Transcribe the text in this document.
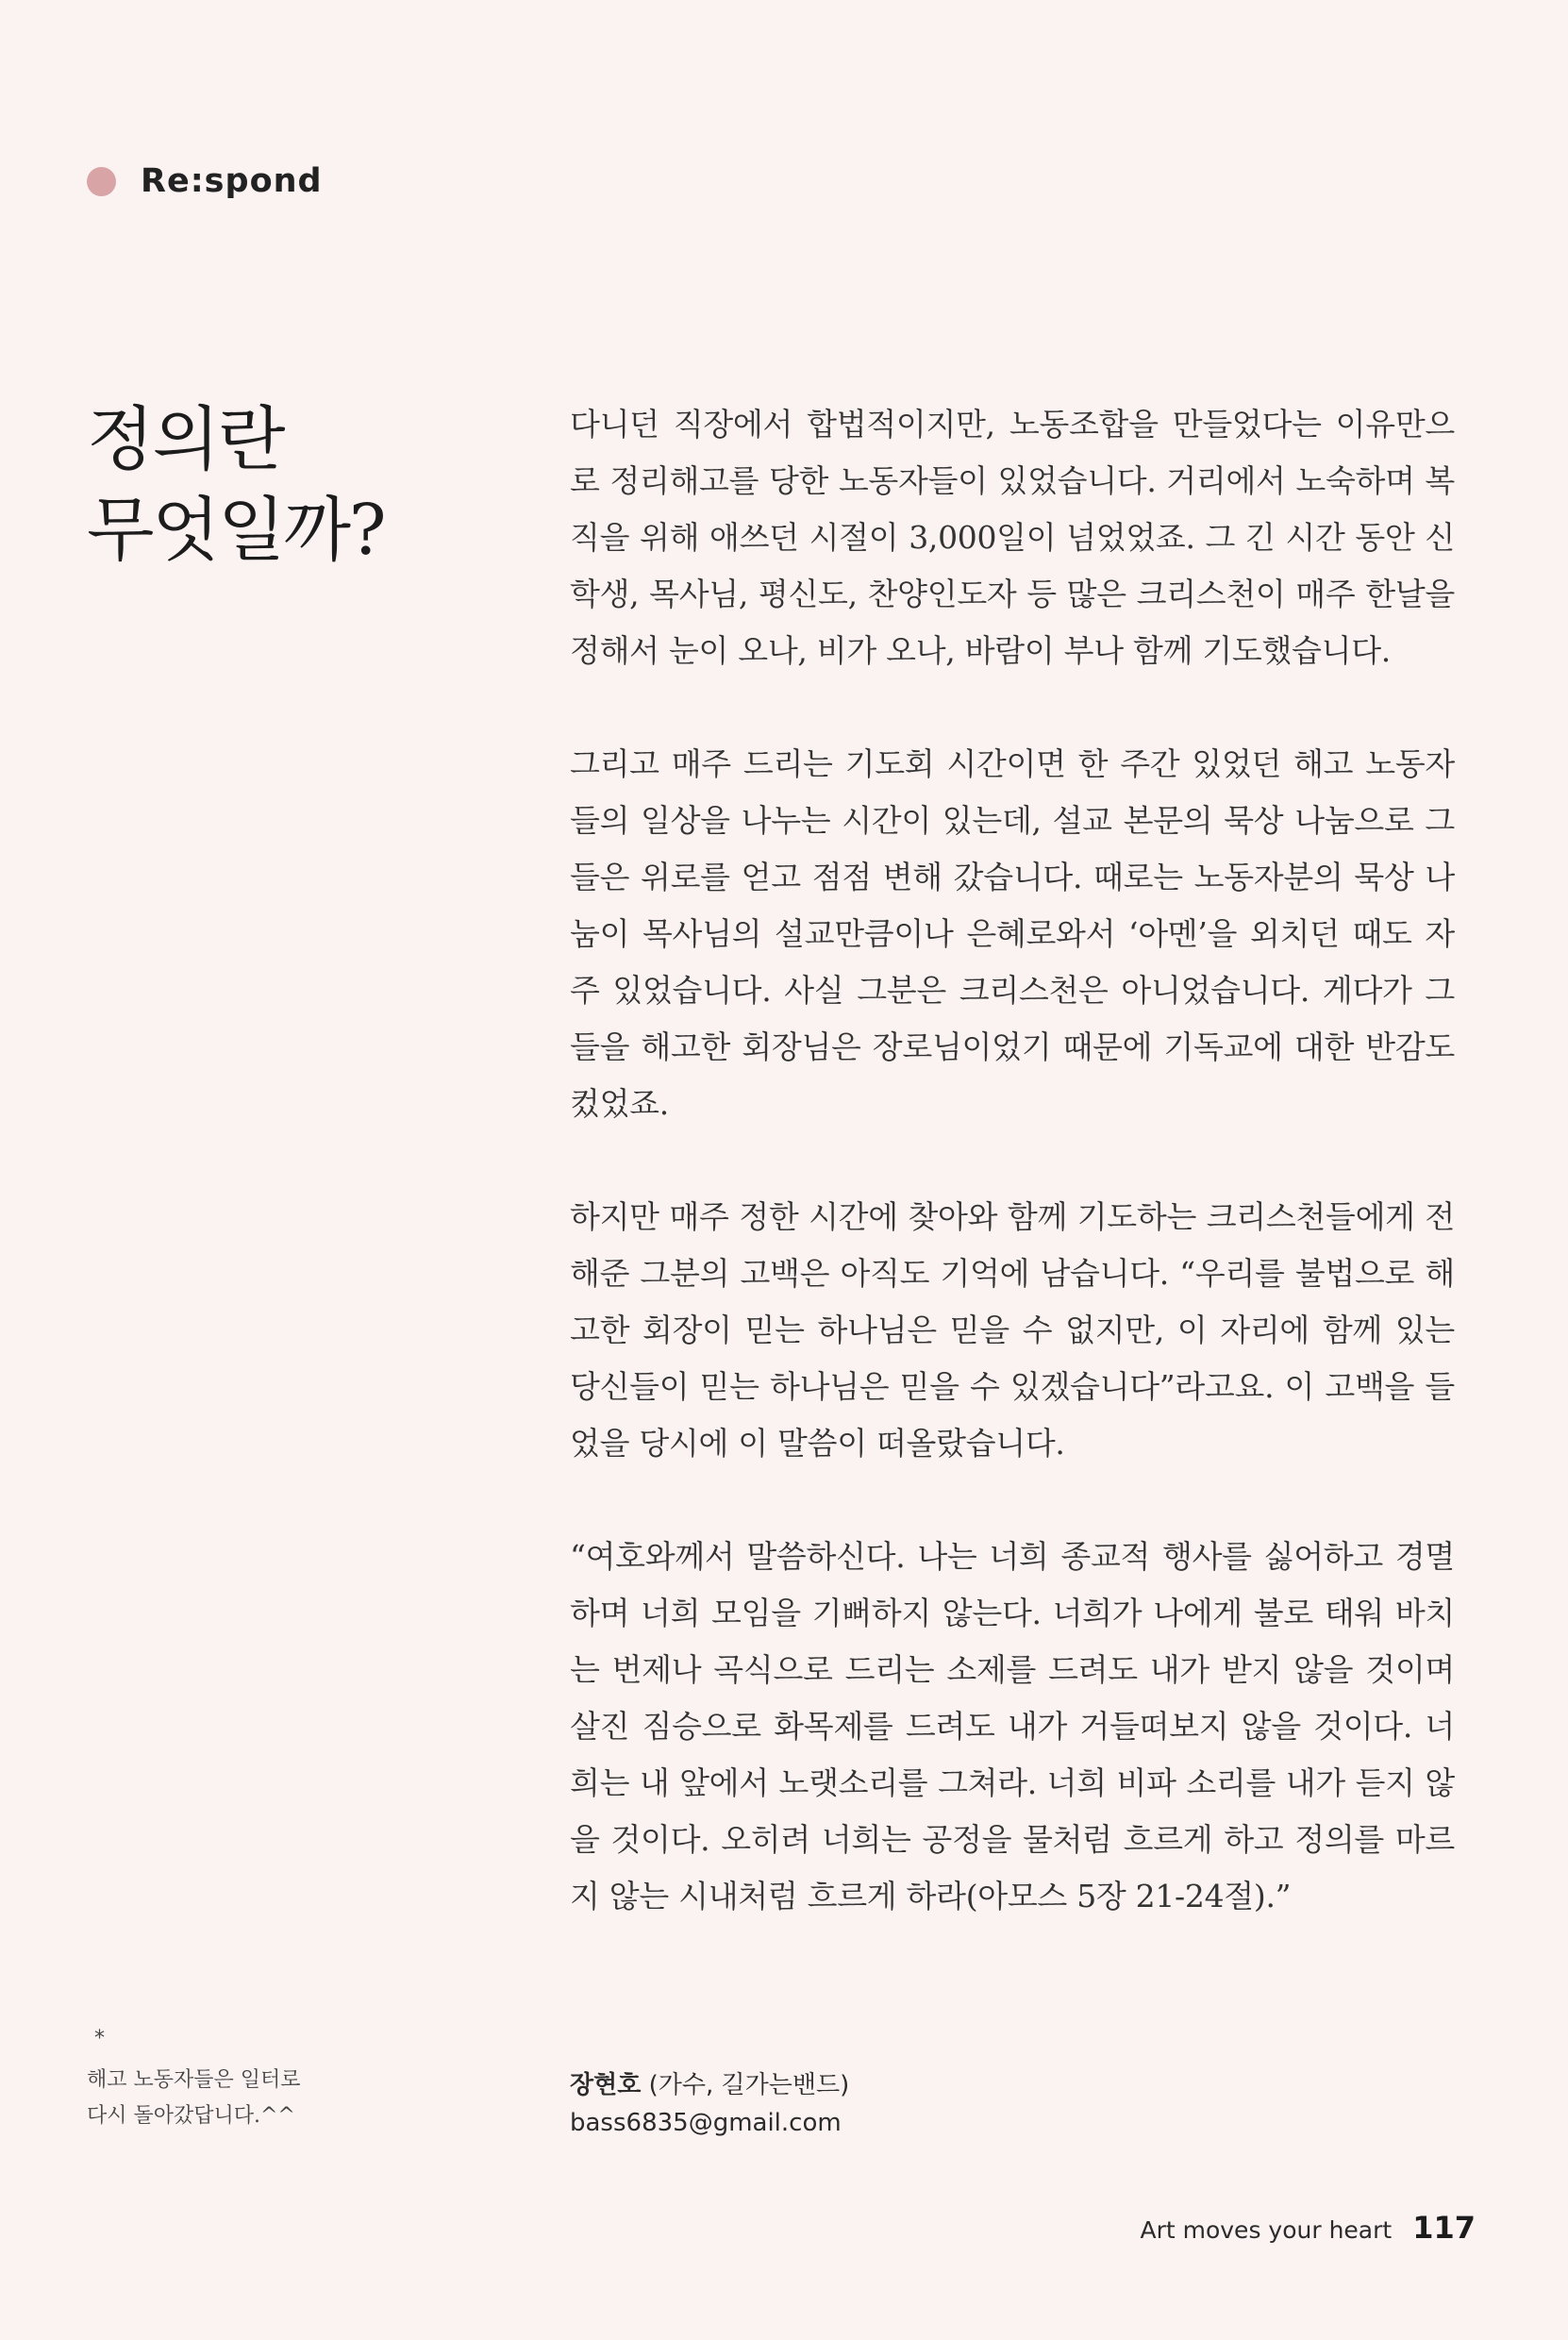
Re:spond
정의란
무엇일까?

다니던 직장에서 합법적이지만, 노동조합을 만들었다는 이유만으로 정리해고를 당한 노동자들이 있었습니다. 거리에서 노숙하며 복직을 위해 애쓰던 시절이 3,000일이 넘었었죠. 그 긴 시간 동안 신학생, 목사님, 평신도, 찬양인도자 등 많은 크리스천이 매주 한날을 정해서 눈이 오나, 비가 오나, 바람이 부나 함께 기도했습니다.

그리고 매주 드리는 기도회 시간이면 한 주간 있었던 해고 노동자들의 일상을 나누는 시간이 있는데, 설교 본문의 묵상 나눔으로 그들은 위로를 얻고 점점 변해 갔습니다. 때로는 노동자분의 묵상 나눔이 목사님의 설교만큼이나 은혜로와서 ‘아멘’을 외치던 때도 자주 있었습니다. 사실 그분은 크리스천은 아니었습니다. 게다가 그들을 해고한 회장님은 장로님이었기 때문에 기독교에 대한 반감도 컸었죠.

하지만 매주 정한 시간에 찾아와 함께 기도하는 크리스천들에게 전해준 그분의 고백은 아직도 기억에 남습니다. “우리를 불법으로 해고한 회장이 믿는 하나님은 믿을 수 없지만, 이 자리에 함께 있는 당신들이 믿는 하나님은 믿을 수 있겠습니다”라고요. 이 고백을 들었을 당시에 이 말씀이 떠올랐습니다.

“여호와께서 말씀하신다. 나는 너희 종교적 행사를 싫어하고 경멸하며 너희 모임을 기뻐하지 않는다. 너희가 나에게 불로 태워 바치는 번제나 곡식으로 드리는 소제를 드려도 내가 받지 않을 것이며 살진 짐승으로 화목제를 드려도 내가 거들떠보지 않을 것이다. 너희는 내 앞에서 노랫소리를 그쳐라. 너희 비파 소리를 내가 듣지 않을 것이다. 오히려 너희는 공정을 물처럼 흐르게 하고 정의를 마르지 않는 시내처럼 흐르게 하라(아모스 5장 21-24절).”

*
해고 노동자들은 일터로
다시 돌아갔답니다.^^
장현호 (가수, 길가는밴드)
bass6835@gmail.com
Art moves your heart 117
